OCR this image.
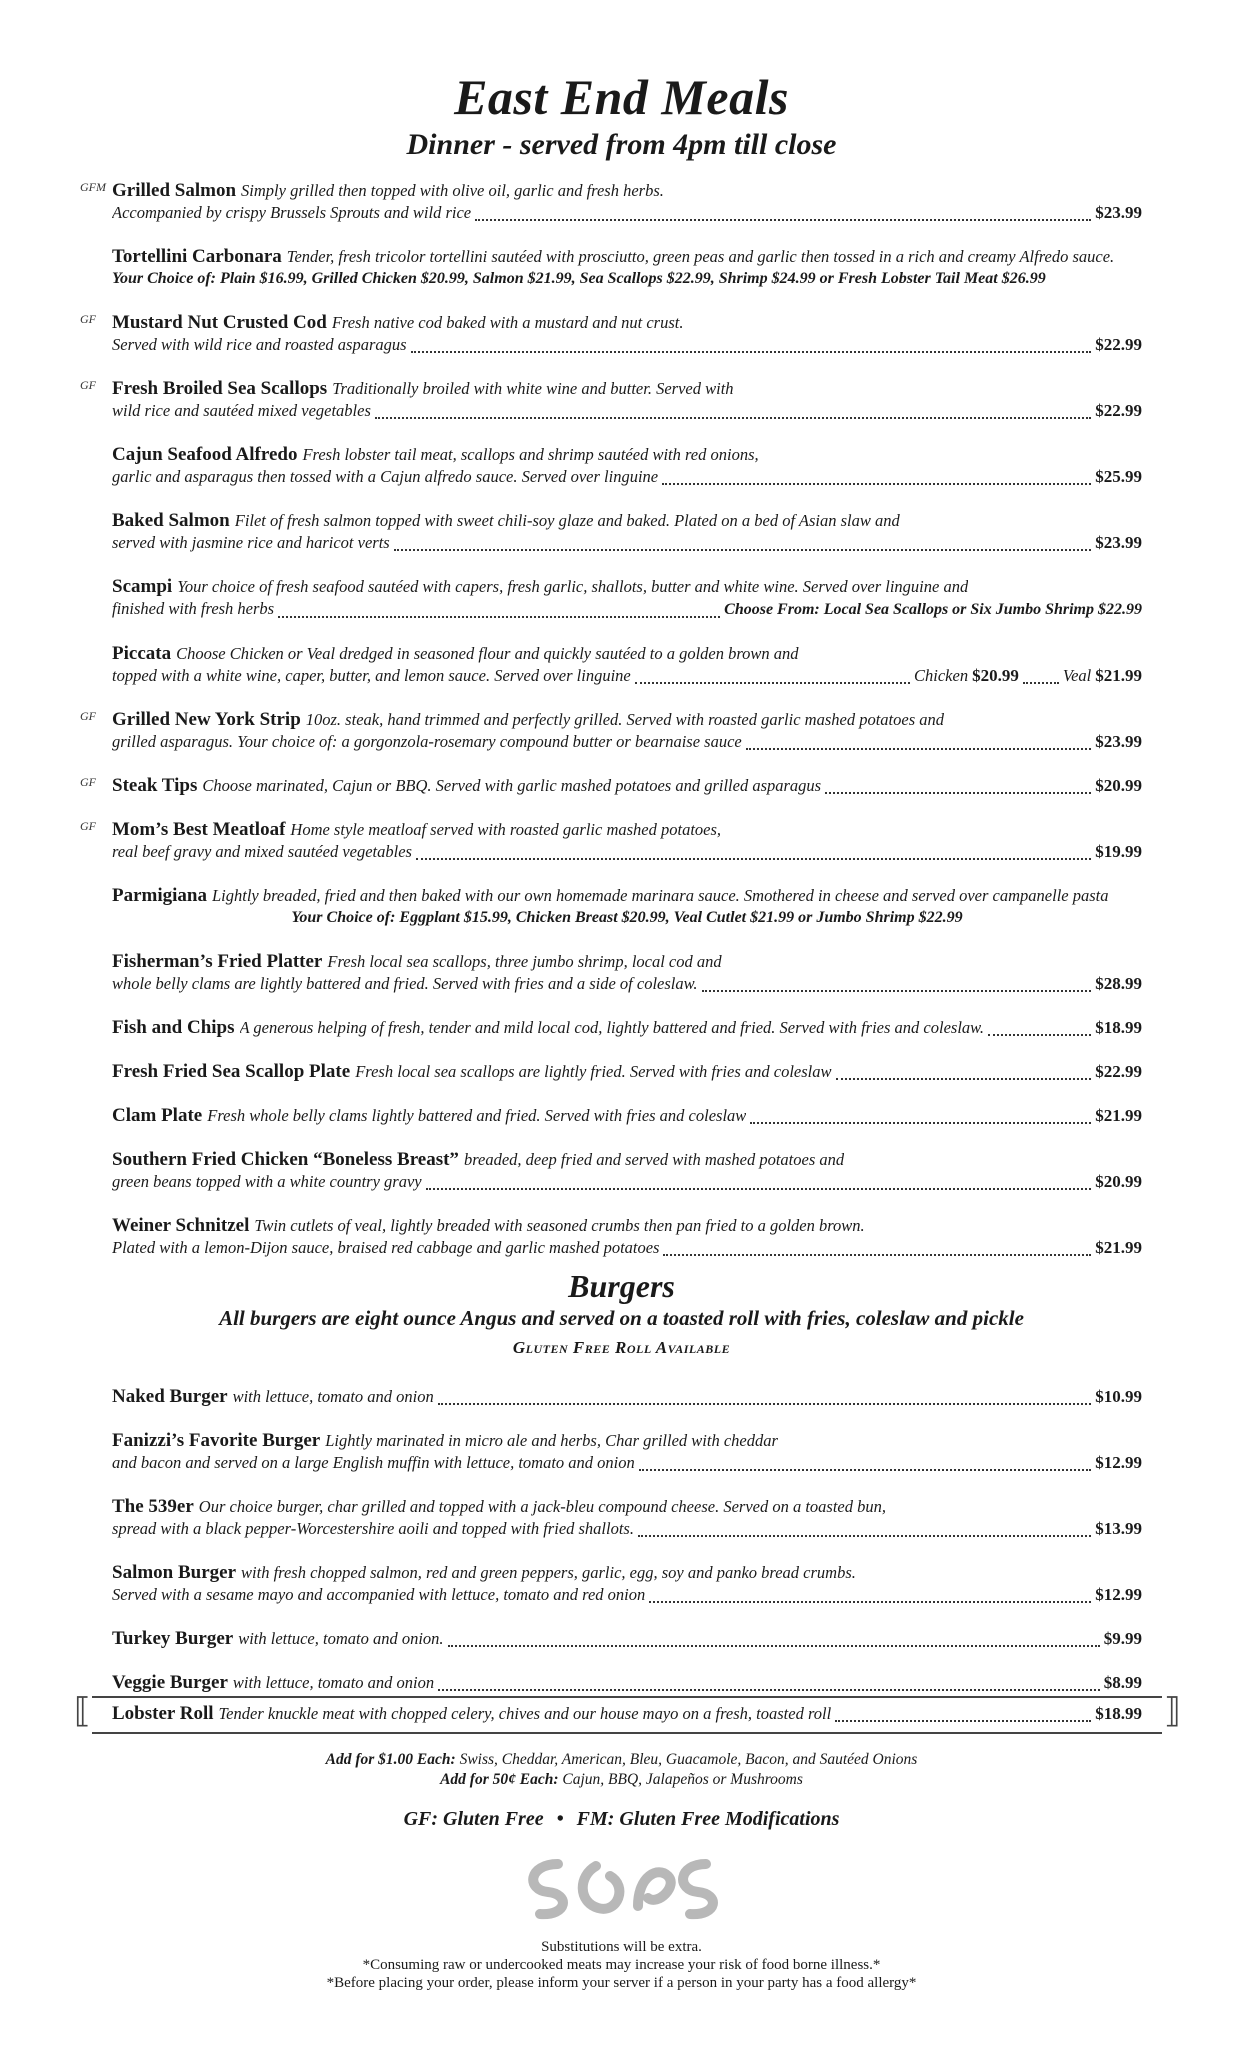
East End Meals
Dinner - served from 4pm till close
GFM Grilled Salmon Simply grilled then topped with olive oil, garlic and fresh herbs.
Accompanied by crispy Brussels Sprouts and wild rice	$23.99
Tortellini Carbonara Tender, fresh tricolor tortellini sautéed with prosciutto, green peas and garlic then tossed in a rich and creamy Alfredo sauce.
Your Choice of: Plain $16.99, Grilled Chicken $20.99, Salmon $21.99, Sea Scallops $22.99, Shrimp $24.99 or Fresh Lobster Tail Meat $26.99
GF Mustard Nut Crusted Cod Fresh native cod baked with a mustard and nut crust.
Served with wild rice and roasted asparagus	$22.99
GF Fresh Broiled Sea Scallops Traditionally broiled with white wine and butter. Served with
wild rice and sautéed mixed vegetables	$22.99
Cajun Seafood Alfredo Fresh lobster tail meat, scallops and shrimp sautéed with red onions,
garlic and asparagus then tossed with a Cajun alfredo sauce. Served over linguine	$25.99
Baked Salmon Filet of fresh salmon topped with sweet chili-soy glaze and baked. Plated on a bed of Asian slaw and
served with jasmine rice and haricot verts	$23.99
Scampi Your choice of fresh seafood sautéed with capers, fresh garlic, shallots, butter and white wine. Served over linguine and
finished with fresh herbs	Choose From: Local Sea Scallops or Six Jumbo Shrimp $22.99
Piccata Choose Chicken or Veal dredged in seasoned flour and quickly sautéed to a golden brown and
topped with a white wine, caper, butter, and lemon sauce. Served over linguine	Chicken $20.99	Veal $21.99
GF Grilled New York Strip 10oz. steak, hand trimmed and perfectly grilled. Served with roasted garlic mashed potatoes and
grilled asparagus. Your choice of: a gorgonzola-rosemary compound butter or bearnaise sauce	$23.99
GF Steak Tips Choose marinated, Cajun or BBQ. Served with garlic mashed potatoes and grilled asparagus	$20.99
GF Mom’s Best Meatloaf Home style meatloaf served with roasted garlic mashed potatoes,
real beef gravy and mixed sautéed vegetables	$19.99
Parmigiana Lightly breaded, fried and then baked with our own homemade marinara sauce. Smothered in cheese and served over campanelle pasta
Your Choice of: Eggplant $15.99, Chicken Breast $20.99, Veal Cutlet $21.99 or Jumbo Shrimp $22.99
Fisherman’s Fried Platter Fresh local sea scallops, three jumbo shrimp, local cod and
whole belly clams are lightly battered and fried. Served with fries and a side of coleslaw.	$28.99
Fish and Chips A generous helping of fresh, tender and mild local cod, lightly battered and fried. Served with fries and coleslaw.	$18.99
Fresh Fried Sea Scallop Plate Fresh local sea scallops are lightly fried. Served with fries and coleslaw	$22.99
Clam Plate Fresh whole belly clams lightly battered and fried. Served with fries and coleslaw	$21.99
Southern Fried Chicken “Boneless Breast” breaded, deep fried and served with mashed potatoes and
green beans topped with a white country gravy	$20.99
Weiner Schnitzel Twin cutlets of veal, lightly breaded with seasoned crumbs then pan fried to a golden brown.
Plated with a lemon-Dijon sauce, braised red cabbage and garlic mashed potatoes	$21.99
Burgers
All burgers are eight ounce Angus and served on a toasted roll with fries, coleslaw and pickle
Gluten Free Roll Available
Naked Burger with lettuce, tomato and onion	$10.99
Fanizzi’s Favorite Burger Lightly marinated in micro ale and herbs, Char grilled with cheddar
and bacon and served on a large English muffin with lettuce, tomato and onion	$12.99
The 539er Our choice burger, char grilled and topped with a jack-bleu compound cheese. Served on a toasted bun,
spread with a black pepper-Worcestershire aoili and topped with fried shallots.	$13.99
Salmon Burger with fresh chopped salmon, red and green peppers, garlic, egg, soy and panko bread crumbs.
Served with a sesame mayo and accompanied with lettuce, tomato and red onion	$12.99
Turkey Burger with lettuce, tomato and onion.	$9.99
Veggie Burger with lettuce, tomato and onion	$8.99
⟦	⟧
Lobster Roll Tender knuckle meat with chopped celery, chives and our house mayo on a fresh, toasted roll	$18.99
Add for $1.00 Each: Swiss, Cheddar, American, Bleu, Guacamole, Bacon, and Sautéed Onions
Add for 50¢ Each: Cajun, BBQ, Jalapeños or Mushrooms
GF: Gluten Free • FM: Gluten Free Modifications
Substitutions will be extra.
*Consuming raw or undercooked meats may increase your risk of food borne illness.*
*Before placing your order, please inform your server if a person in your party has a food allergy*
